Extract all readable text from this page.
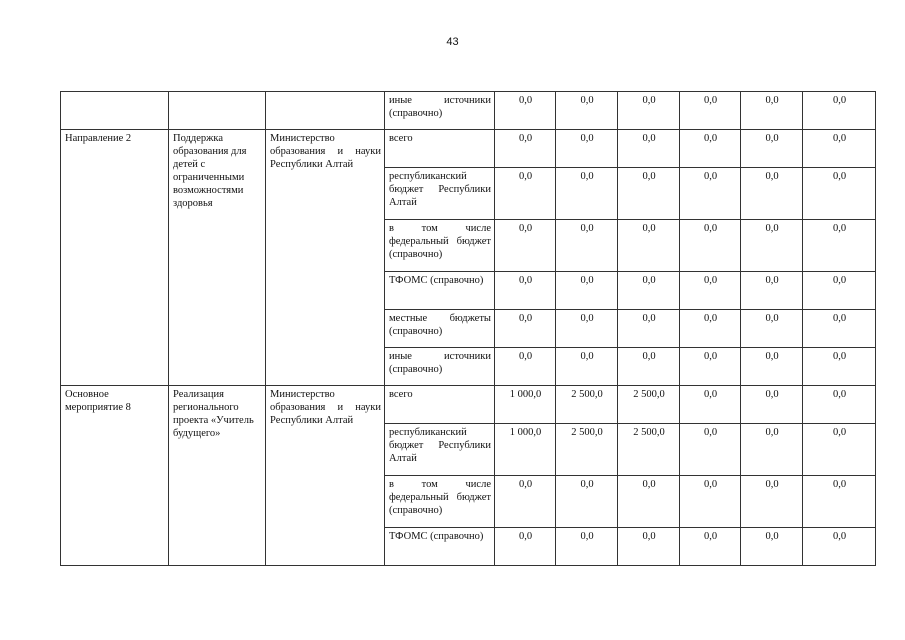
43
			иные источники (справочно)	0,0	0,0	0,0	0,0	0,0	0,0
Направление 2	Поддержка образования для детей с ограниченными возможностями здоровья	Министерство образования и науки Республики Алтай	всего	0,0	0,0	0,0	0,0	0,0	0,0
			республиканский бюджет Республики Алтай	0,0	0,0	0,0	0,0	0,0	0,0
			в том числе федеральный бюджет (справочно)	0,0	0,0	0,0	0,0	0,0	0,0
			ТФОМС (справочно)	0,0	0,0	0,0	0,0	0,0	0,0
			местные бюджеты (справочно)	0,0	0,0	0,0	0,0	0,0	0,0
			иные источники (справочно)	0,0	0,0	0,0	0,0	0,0	0,0
Основное мероприятие 8	Реализация регионального проекта «Учитель будущего»	Министерство образования и науки Республики Алтай	всего	1 000,0	2 500,0	2 500,0	0,0	0,0	0,0
			республиканский бюджет Республики Алтай	1 000,0	2 500,0	2 500,0	0,0	0,0	0,0
			в том числе федеральный бюджет (справочно)	0,0	0,0	0,0	0,0	0,0	0,0
			ТФОМС (справочно)	0,0	0,0	0,0	0,0	0,0	0,0
